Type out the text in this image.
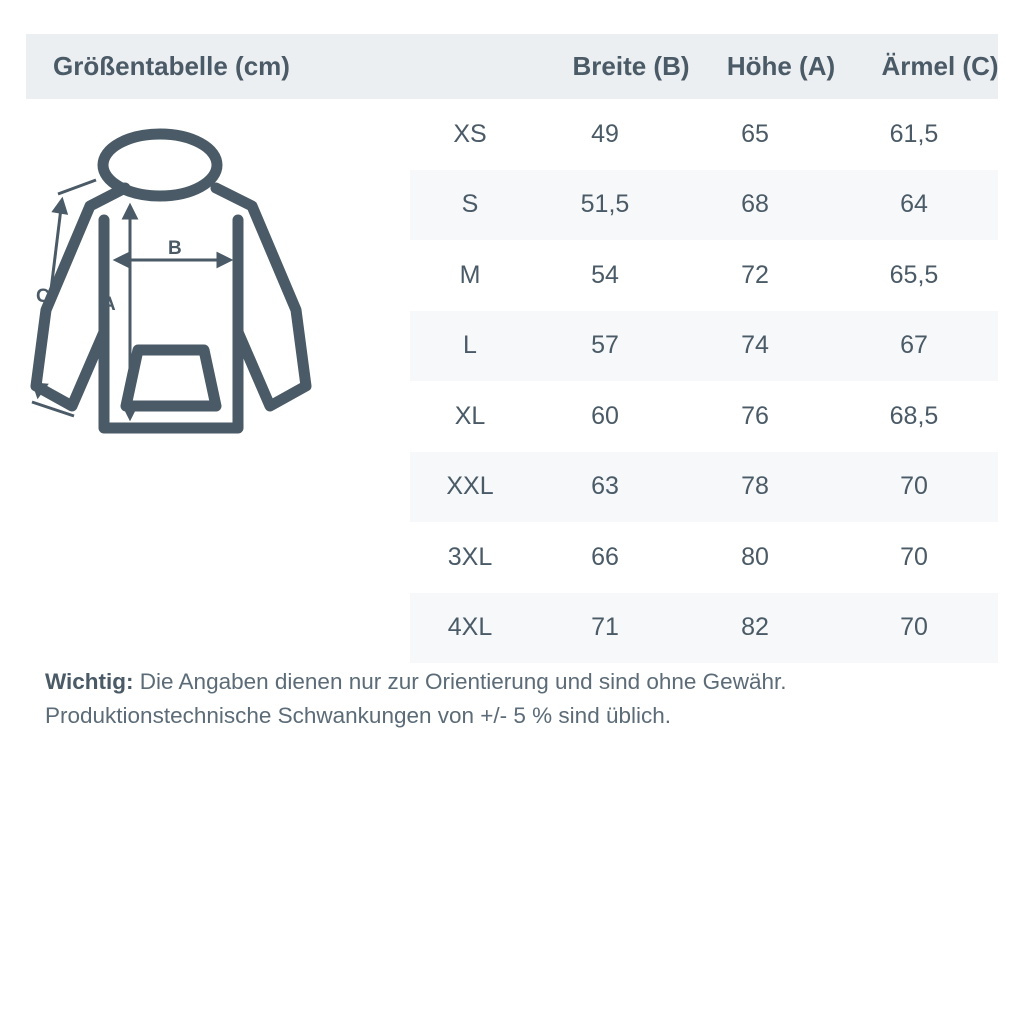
Größentabelle (cm)	Breite (B)	Höhe (A)	Ärmel (C)
B
A
C
XS	49	65	61,5
S	51,5	68	64
M	54	72	65,5
L	57	74	67
XL	60	76	68,5
XXL	63	78	70
3XL	66	80	70
4XL	71	82	70
Wichtig: Die Angaben dienen nur zur Orientierung und sind ohne Gewähr.
Produktionstechnische Schwankungen von +/- 5 % sind üblich.
